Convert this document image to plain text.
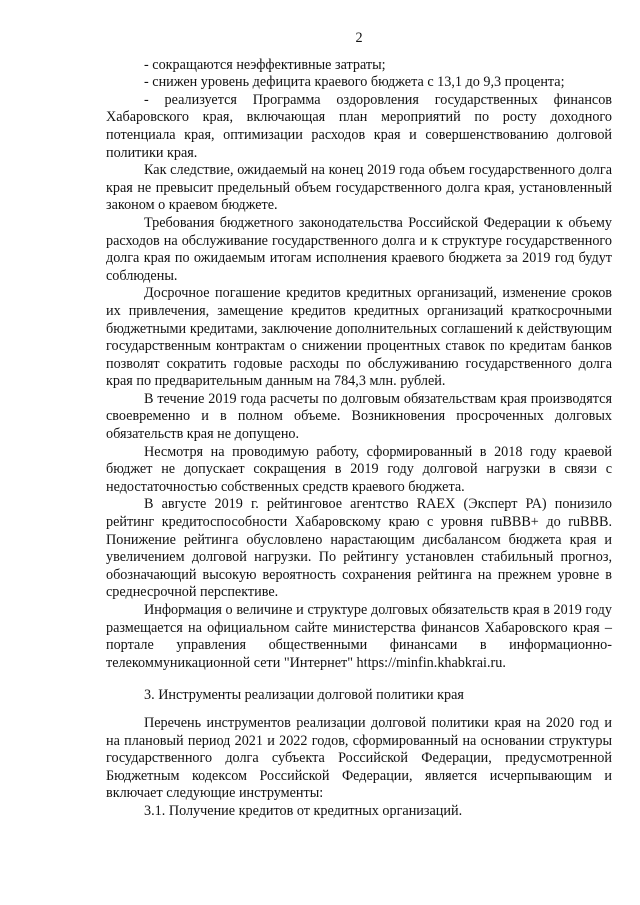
2

- сокращаются неэффективные затраты;

- снижен уровень дефицита краевого бюджета с 13,1 до 9,3 процента;

- реализуется Программа оздоровления государственных финансов Хабаровского края, включающая план мероприятий по росту доходного потенциала края, оптимизации расходов края и совершенствованию долговой политики края.

Как следствие, ожидаемый на конец 2019 года объем государственного долга края не превысит предельный объем государственного долга края, установленный законом о краевом бюджете.

Требования бюджетного законодательства Российской Федерации к объему расходов на обслуживание государственного долга и к структуре государственного долга края по ожидаемым итогам исполнения краевого бюджета за 2019 год будут соблюдены.

Досрочное погашение кредитов кредитных организаций, изменение сроков их привлечения, замещение кредитов кредитных организаций краткосрочными бюджетными кредитами, заключение дополнительных соглашений к действующим государственным контрактам о снижении процентных ставок по кредитам банков позволят сократить годовые расходы по обслуживанию государственного долга края по предварительным данным на 784,3 млн. рублей.

В течение 2019 года расчеты по долговым обязательствам края производятся своевременно и в полном объеме. Возникновения просроченных долговых обязательств края не допущено.

Несмотря на проводимую работу, сформированный в 2018 году краевой бюджет не допускает сокращения в 2019 году долговой нагрузки в связи с недостаточностью собственных средств краевого бюджета.

В августе 2019 г. рейтинговое агентство RAEX (Эксперт РА) понизило рейтинг кредитоспособности Хабаровскому краю с уровня ruBBB+ до ruBBB. Понижение рейтинга обусловлено нарастающим дисбалансом бюджета края и увеличением долговой нагрузки. По рейтингу установлен стабильный прогноз, обозначающий высокую вероятность сохранения рейтинга на прежнем уровне в среднесрочной перспективе.

Информация о величине и структуре долговых обязательств края в 2019 году размещается на официальном сайте министерства финансов Хабаровского края – портале управления общественными финансами в информационно-телекоммуникационной сети "Интернет" https://minfin.khabkrai.ru.

3. Инструменты реализации долговой политики края

Перечень инструментов реализации долговой политики края на 2020 год и на плановый период 2021 и 2022 годов, сформированный на основании структуры государственного долга субъекта Российской Федерации, предусмотренной Бюджетным кодексом Российской Федерации, является исчерпывающим и включает следующие инструменты:

3.1. Получение кредитов от кредитных организаций.
